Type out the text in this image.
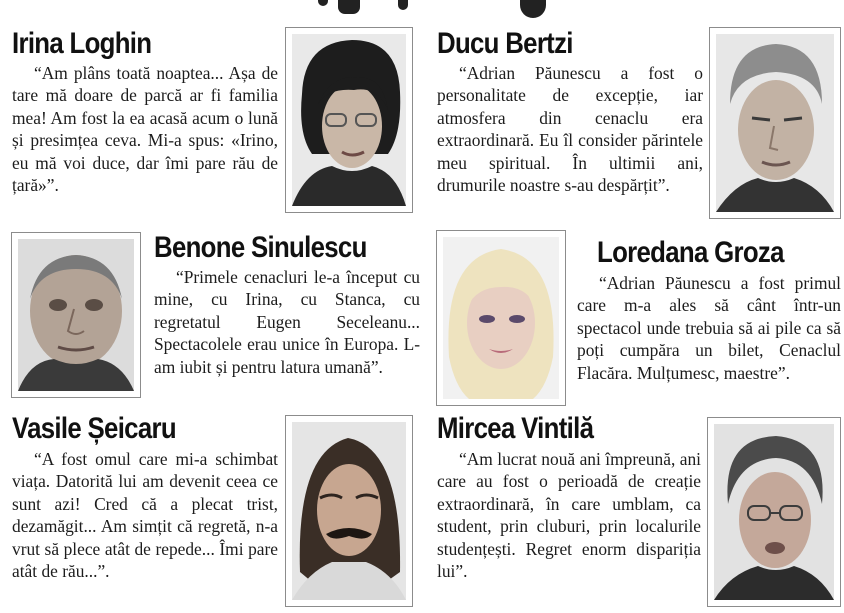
Irina Loghin

“Am plâns toată noaptea... Așa de tare mă doare de parcă ar fi familia mea! Am fost la ea acasă acum o lună și presimțea ceva. Mi-a spus: «Irino, eu mă voi duce, dar îmi pare rău de țară»”.

Ducu Bertzi

“Adrian Păunescu a fost o personalitate de excepție, iar atmosfera din cenaclu era extraordinară. Eu îl consider părintele meu spiritual. În ultimii ani, drumurile noastre s-au despărțit”.

Benone Sinulescu

“Primele cenacluri le-a început cu mine, cu Irina, cu Stanca, cu regretatul Eugen Seceleanu... Spectacolele erau unice în Europa. L-am iubit și pentru latura umană”.

Loredana Groza

“Adrian Păunescu a fost primul care m-a ales să cânt într-un spectacol unde trebuia să ai pile ca să poți cumpăra un bilet, Cenaclul Flacăra. Mulțumesc, maestre”.

Vasile Șeicaru

“A fost omul care mi-a schimbat viața. Datorită lui am devenit ceea ce sunt azi! Cred că a plecat trist, dezamăgit... Am simțit că regretă, n-a vrut să plece atât de repede... Îmi pare atât de rău...”.

Mircea Vintilă

“Am lucrat nouă ani împreună, ani care au fost o perioadă de creație extraordinară, în care umblam, ca student, prin cluburi, prin localurile studențești. Regret enorm dispariția lui”.
